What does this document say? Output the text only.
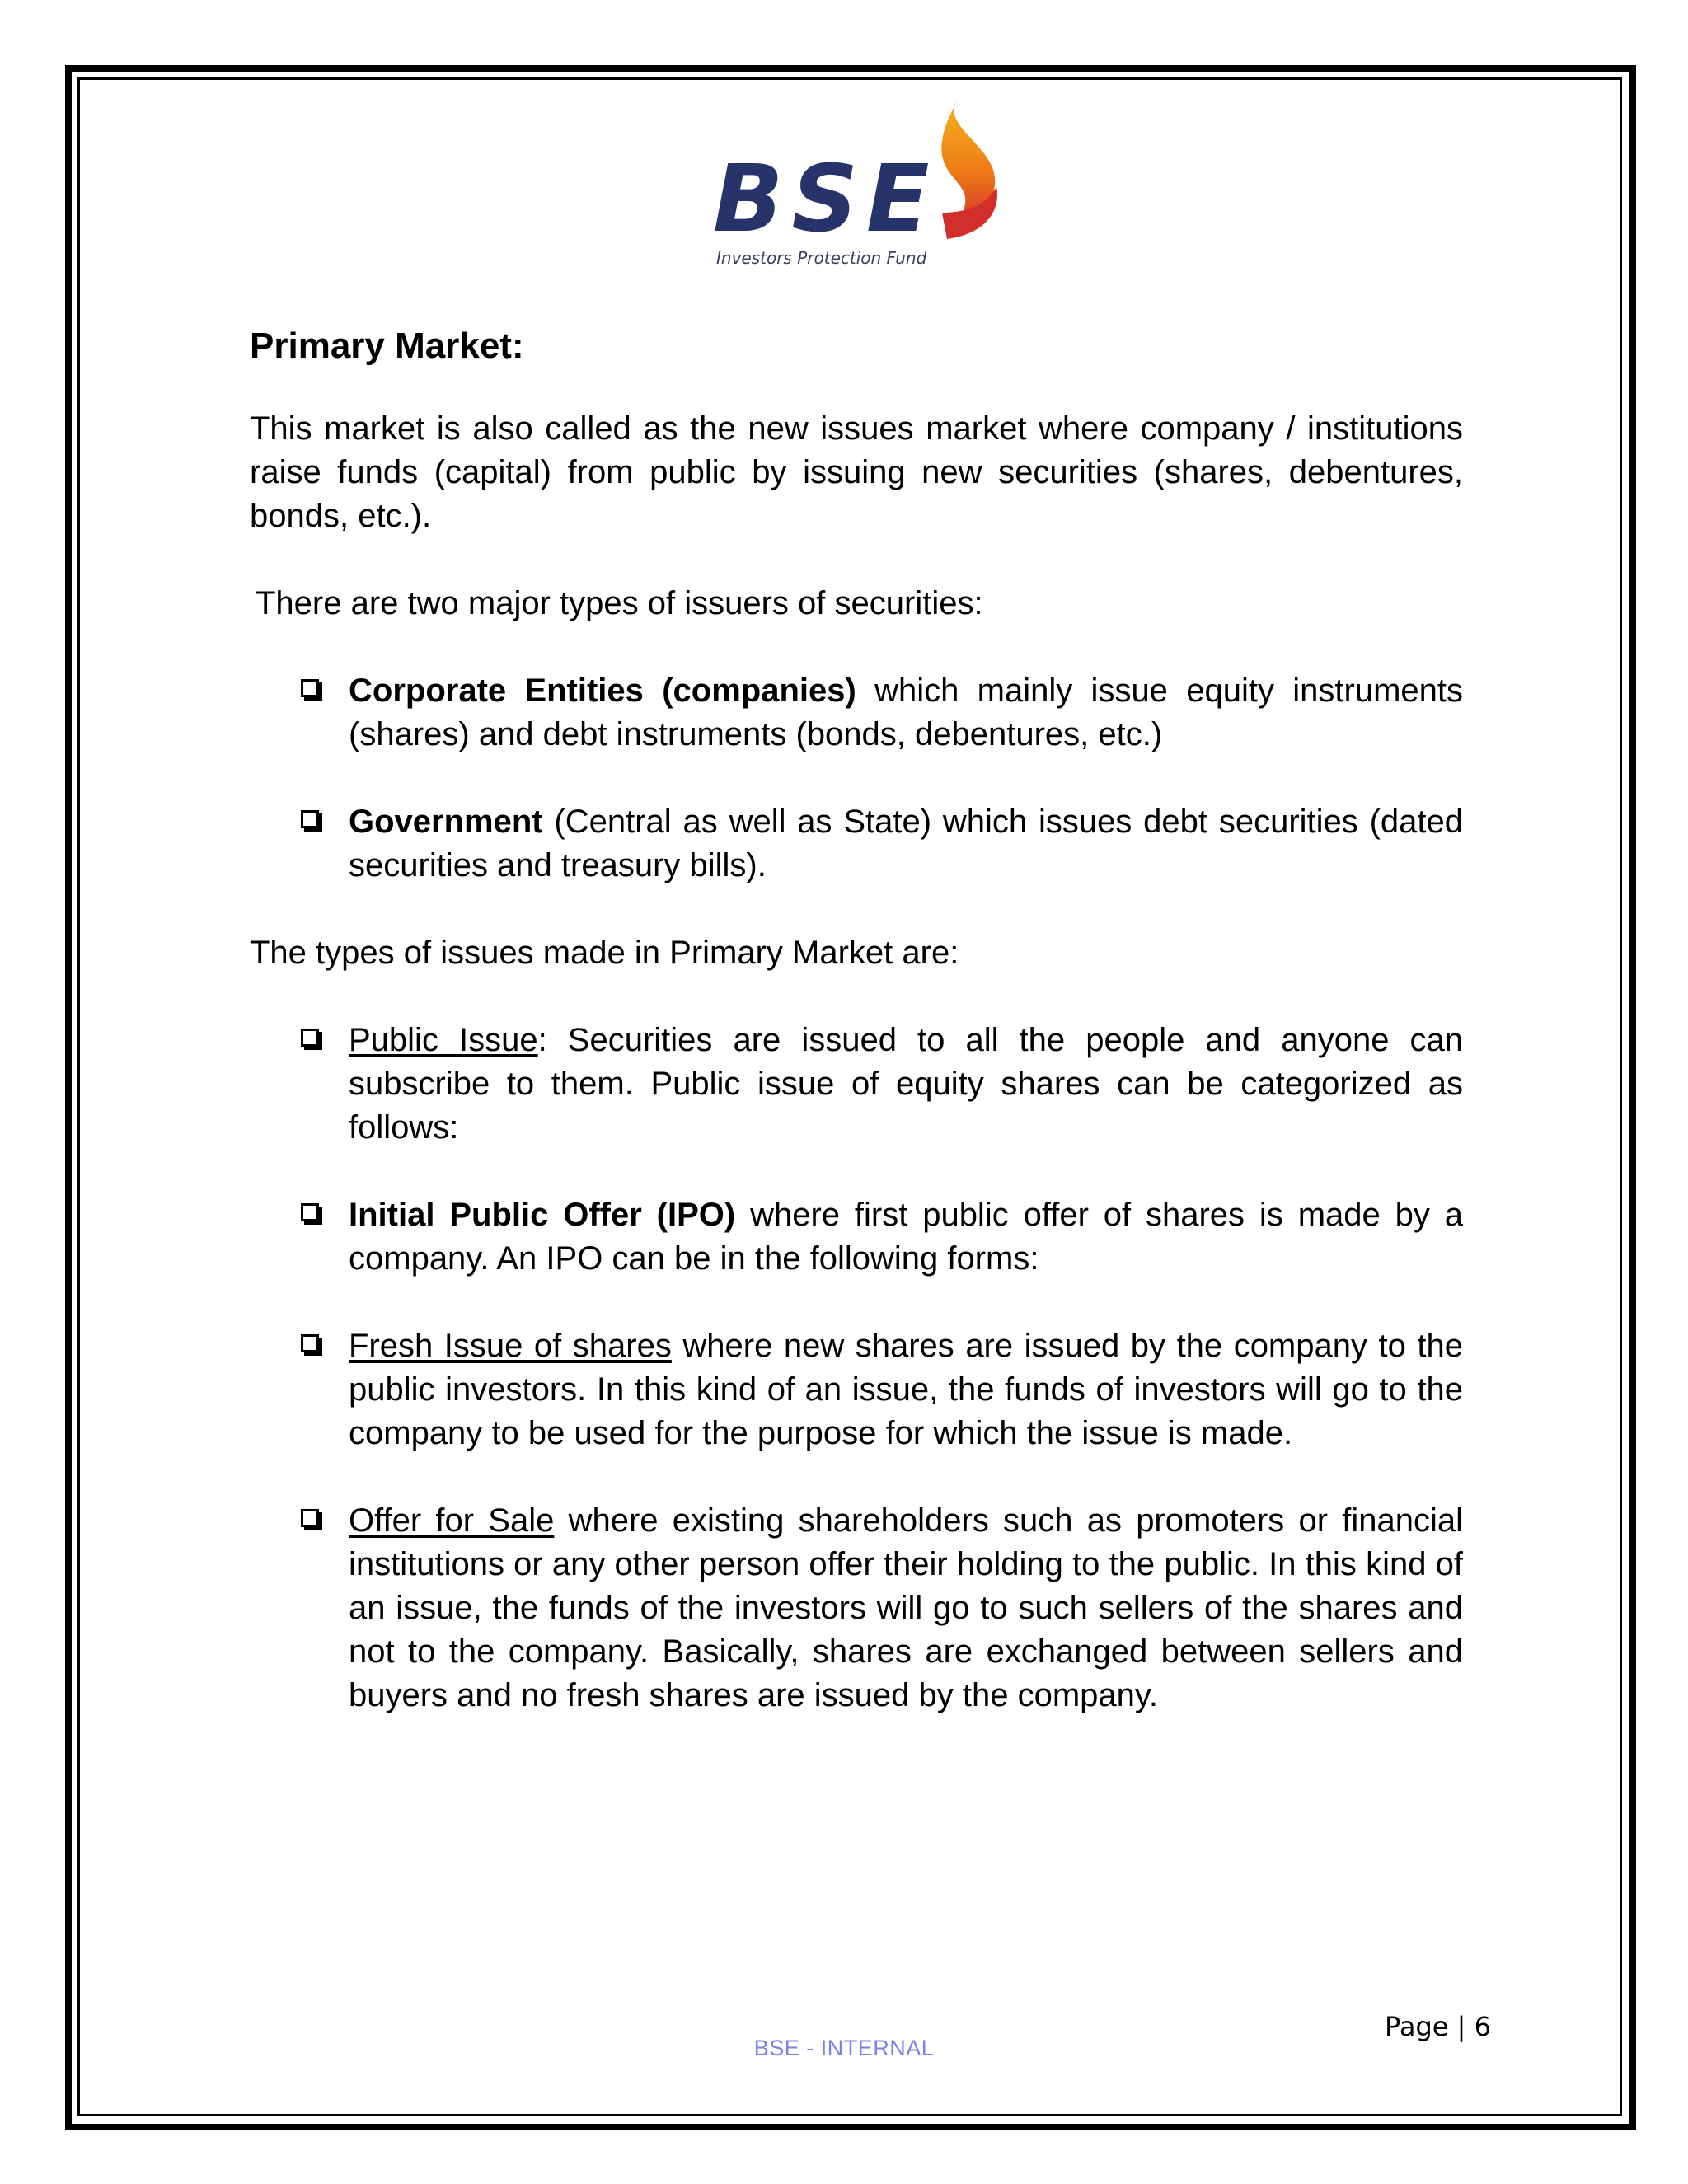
BSE
Investors Protection Fund
Primary Market:

This market is also called as the new issues market where company / institutions raise funds (capital) from public by issuing new securities (shares, debentures, bonds, etc.).

There are two major types of issuers of securities:

Corporate Entities (companies) which mainly issue equity instruments (shares) and debt instruments (bonds, debentures, etc.)
Government (Central as well as State) which issues debt securities (dated securities and treasury bills).

The types of issues made in Primary Market are:

Public Issue: Securities are issued to all the people and anyone can subscribe to them. Public issue of equity shares can be categorized as follows:
Initial Public Offer (IPO) where first public offer of shares is made by a company. An IPO can be in the following forms:
Fresh Issue of shares where new shares are issued by the company to the public investors. In this kind of an issue, the funds of investors will go to the company to be used for the purpose for which the issue is made.
Offer for Sale where existing shareholders such as promoters or financial institutions or any other person offer their holding to the public. In this kind of an issue, the funds of the investors will go to such sellers of the shares and not to the company. Basically, shares are exchanged between sellers and buyers and no fresh shares are issued by the company.
Page | 6
BSE - INTERNAL
